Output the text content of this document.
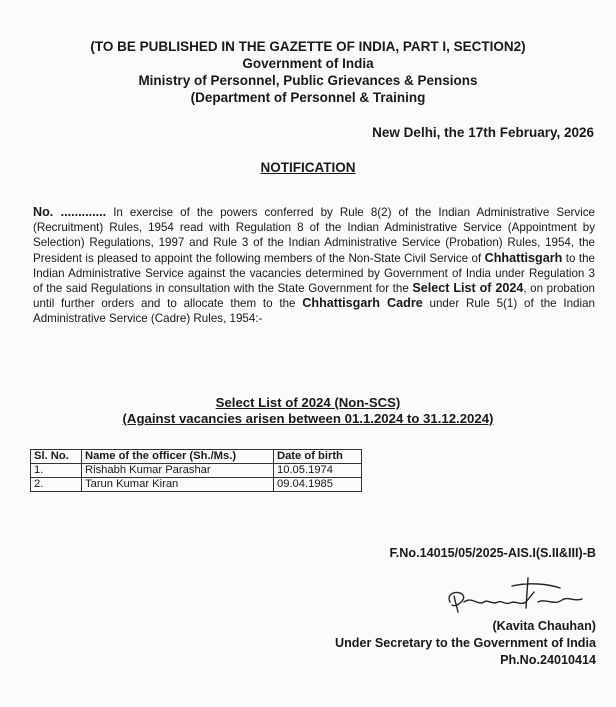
(TO BE PUBLISHED IN THE GAZETTE OF INDIA, PART I, SECTION2)
Government of India
Ministry of Personnel, Public Grievances & Pensions
(Department of Personnel & Training
New Delhi, the 17th February, 2026
NOTIFICATION
No. ............. In exercise of the powers conferred by Rule 8(2) of the Indian Administrative Service (Recruitment) Rules, 1954 read with Regulation 8 of the Indian Administrative Service (Appointment by Selection) Regulations, 1997 and Rule 3 of the Indian Administrative Service (Probation) Rules, 1954, the President is pleased to appoint the following members of the Non-State Civil Service of Chhattisgarh to the Indian Administrative Service against the vacancies determined by Government of India under Regulation 3 of the said Regulations in consultation with the State Government for the Select List of 2024, on probation until further orders and to allocate them to the Chhattisgarh Cadre under Rule 5(1) of the Indian Administrative Service (Cadre) Rules, 1954:-
Select List of 2024 (Non-SCS)
(Against vacancies arisen between 01.1.2024 to 31.12.2024)
Sl. No.	Name of the officer (Sh./Ms.)	Date of birth
1.	Rishabh Kumar Parashar	10.05.1974
2.	Tarun Kumar Kiran	09.04.1985
F.No.14015/05/2025-AIS.I(S.II&III)-B
(Kavita Chauhan)
Under Secretary to the Government of India
Ph.No.24010414
